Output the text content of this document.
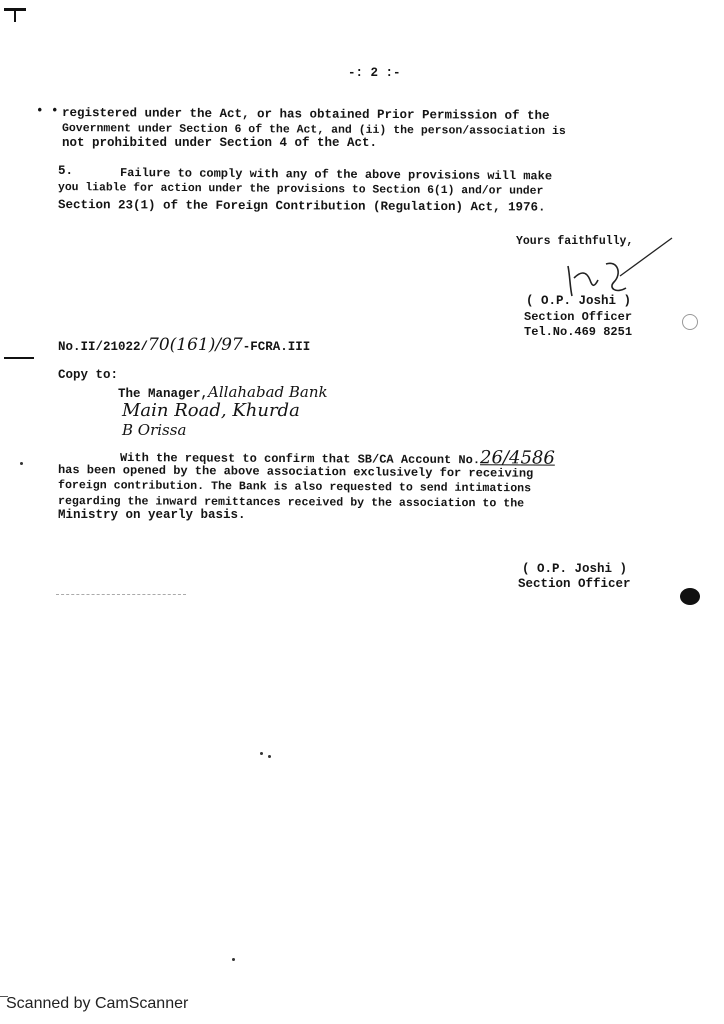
-: 2 :-
• • registered under the Act, or has obtained Prior Permission of the
Government under Section 6 of the Act, and (ii) the person/association is
not prohibited under Section 4 of the Act.
5.	Failure to comply with any of the above provisions will make
you liable for action under the provisions to Section 6(1) and/or under
Section 23(1) of the Foreign Contribution (Regulation) Act, 1976.
Yours faithfully,
( O.P. Joshi )
Section Officer
Tel.No.469 8251
No.II/21022/70(161)/97-FCRA.III
Copy to:
The Manager,Allahabad Bank
Main Road, Khurda
B Orissa
With the request to confirm that SB/CA Account No.26/4586
has been opened by the above association exclusively for receiving
foreign contribution. The Bank is also requested to send intimations
regarding the inward remittances received by the association to the
Ministry on yearly basis.
( O.P. Joshi )
Section Officer
Scanned by CamScanner
